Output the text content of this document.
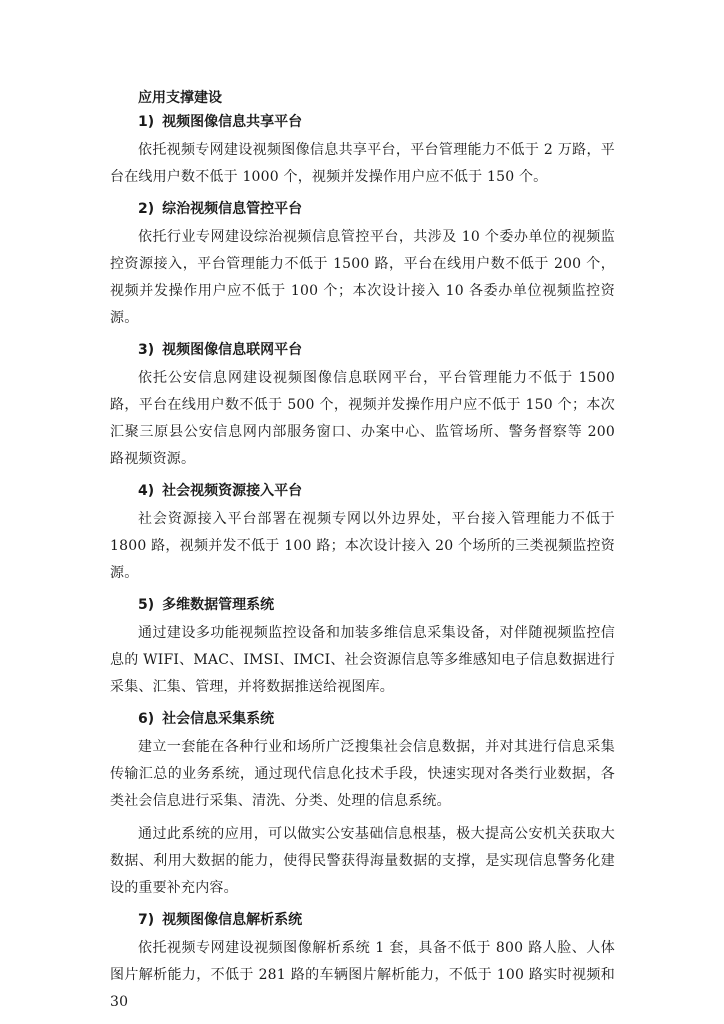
应用支撑建设
1) 视频图像信息共享平台

依托视频专网建设视频图像信息共享平台，平台管理能力不低于 2 万路，平台在线用户数不低于 1000 个，视频并发操作用户应不低于 150 个。

2) 综治视频信息管控平台

依托行业专网建设综治视频信息管控平台，共涉及 10 个委办单位的视频监控资源接入，平台管理能力不低于 1500 路，平台在线用户数不低于 200 个，视频并发操作用户应不低于 100 个；本次设计接入 10 各委办单位视频监控资源。

3) 视频图像信息联网平台

依托公安信息网建设视频图像信息联网平台，平台管理能力不低于 1500 路，平台在线用户数不低于 500 个，视频并发操作用户应不低于 150 个；本次汇聚三原县公安信息网内部服务窗口、办案中心、监管场所、警务督察等 200 路视频资源。

4) 社会视频资源接入平台

社会资源接入平台部署在视频专网以外边界处，平台接入管理能力不低于 1800 路，视频并发不低于 100 路；本次设计接入 20 个场所的三类视频监控资源。

5) 多维数据管理系统

通过建设多功能视频监控设备和加装多维信息采集设备，对伴随视频监控信息的 WIFI、MAC、IMSI、IMCI、社会资源信息等多维感知电子信息数据进行采集、汇集、管理，并将数据推送给视图库。

6) 社会信息采集系统

建立一套能在各种行业和场所广泛搜集社会信息数据，并对其进行信息采集传输汇总的业务系统，通过现代信息化技术手段，快速实现对各类行业数据，各类社会信息进行采集、清洗、分类、处理的信息系统。

通过此系统的应用，可以做实公安基础信息根基，极大提高公安机关获取大数据、利用大数据的能力，使得民警获得海量数据的支撑，是实现信息警务化建设的重要补充内容。

7) 视频图像信息解析系统

依托视频专网建设视频图像解析系统 1 套，具备不低于 800 路人脸、人体图片解析能力，不低于 281 路的车辆图片解析能力，不低于 100 路实时视频和 30
